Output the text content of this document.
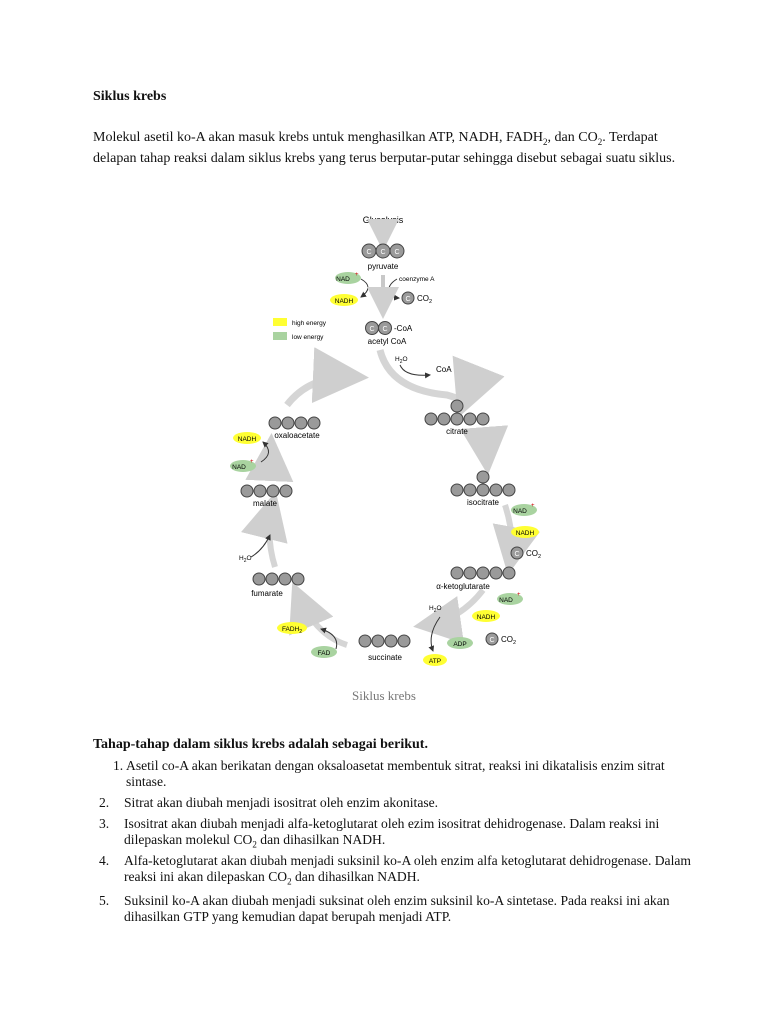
Siklus krebs
Molekul asetil ko-A akan masuk krebs untuk menghasilkan ATP, NADH, $FADH_2$, dan $CO_2$. Terdapat delapan tahap reaksi dalam siklus krebs yang terus berputar-putar sehingga disebut sebagai suatu siklus.
Glycolysis
C C C
pyruvate
NAD
+
NADH
coenzyme A
C $CO_2$
high energy
low energy
C C -CoA
acetyl CoA
$H_2O$
CoA
citrate
isocitrate
NAD
+
NADH
C $CO_2$
α-ketoglutarate
NAD
+
NADH
$H_2O$
C $CO_2$
ADP
ATP
succinate
$FADH_2$
FAD
fumarate
$H_2O$
malate
NAD
+
NADH oxaloacetate
Siklus krebs
Tahap-tahap dalam siklus krebs adalah sebagai berikut.
1. Asetil co-A akan berikatan dengan oksaloasetat membentuk sitrat, reaksi ini dikatalisis enzim sitrat sintase.
2. Sitrat akan diubah menjadi isositrat oleh enzim akonitase.
3. Isositrat akan diubah menjadi alfa-ketoglutarat oleh ezim isositrat dehidrogenase. Dalam reaksi ini dilepaskan molekul $CO_2$ dan dihasilkan NADH.
4. Alfa-ketoglutarat akan diubah menjadi suksinil ko-A oleh enzim alfa ketoglutarat dehidrogenase. Dalam reaksi ini akan dilepaskan $CO_2$ dan dihasilkan NADH.
5. Suksinil ko-A akan diubah menjadi suksinat oleh enzim suksinil ko-A sintetase. Pada reaksi ini akan dihasilkan GTP yang kemudian dapat berupah menjadi ATP.
